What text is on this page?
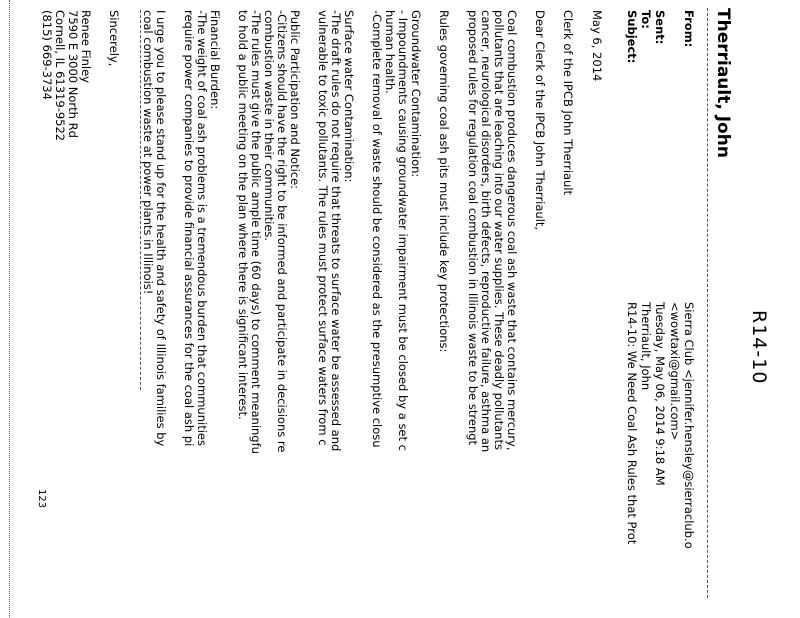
R14-10
Therriault, John
From:
Sierra Club <jennifer.hensley@sierraclub.o
<wowtaxi@gmail.com>
Sent:
Tuesday, May 06, 2014 9:18 AM
To:
Therriault, John
Subject:
R14-10: We Need Coal Ash Rules that Prot
May 6, 2014
Clerk of the IPCB John Therriault
Dear Clerk of the IPCB John Therriault,
Coal combustion produces dangerous coal ash waste that contains mercury,
pollutants that are leaching into our water supplies. These deadly pollutants
cancer, neurological disorders, birth defects, reproductive failure, asthma an
proposed rules for regulation coal combustion in Illinois waste to be strengt
Rules governing coal ash pits must include key protections:
Groundwater Contamination:
- Impoundments causing groundwater impairment must be closed by a set c
human health.
-Complete removal of waste should be considered as the presumptive closu
Surface water Contamination:
-The draft rules do not require that threats to surface water be assessed and
vulnerable to toxic pollutants. The rules must protect surface waters from c
Public Participation and Notice:
-Citizens should have the right to be informed and participate in decisions re
combustion waste in their communities.
-The rules must give the public ample time (60 days) to comment meaningfu
to hold a public meeting on the plan where there is significant interest.
Financial Burden:
-The weight of coal ash problems is a tremendous burden that communities
require power companies to provide financial assurances for the coal ash pi
I urge you to please stand up for the health and safety of Illinois families by
coal combustion waste at power plants in Illinois!
Sincerely,
Renee Finley
7590 E 3000 North Rd
Cornell, IL 61319-9522
(815) 669-3734
123
